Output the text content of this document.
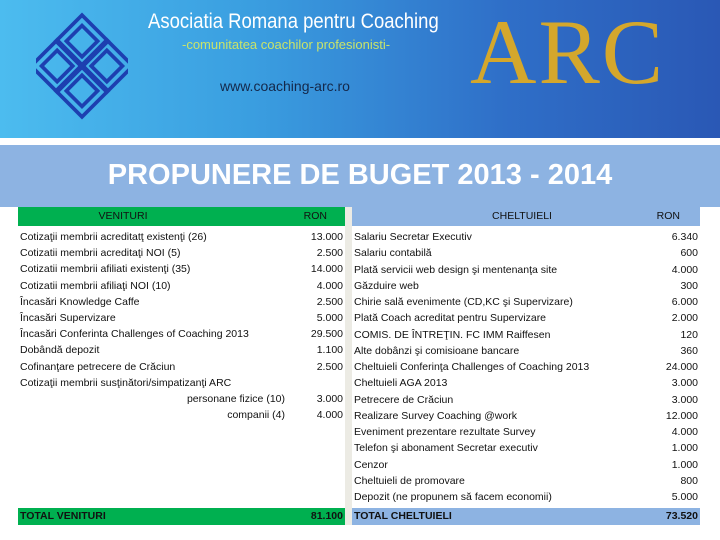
Asociatia Romana pentru Coaching
-comunitatea coachilor profesionisti-
www.coaching-arc.ro ARC
PROPUNERE DE BUGET 2013 - 2014
VENITURI	RON
Cotizaţii membrii acreditatţ existenţi (26)	13.000
Cotizatii membrii acreditaţi NOI (5)	2.500
Cotizatii membrii afiliati existenţi (35)	14.000
Cotizatii membrii afiliaţi NOI (10)	4.000
Încasări Knowledge Caffe	2.500
Încasări Supervizare	5.000
Încasări Conferinta Challenges of Coaching 2013	29.500
Dobândă depozit	1.100
Cofinanţare petrecere de Crăciun	2.500
Cotizaţii membrii susţinători/simpatizanţi ARC
personane fizice (10)	3.000
companii (4)	4.000
TOTAL VENITURI	81.100
CHELTUIELI	RON
Salariu Secretar Executiv	6.340
Salariu contabilă	600
Plată servicii web design şi mentenanţa site	4.000
Găzduire web	300
Chirie sală evenimente (CD,KC şi Supervizare)	6.000
Plată Coach acreditat pentru Supervizare	2.000
COMIS. DE ÎNTREŢIN. FC IMM Raiffesen	120
Alte dobânzi şi comisioane bancare	360
Cheltuieli Conferinţa Challenges of Coaching 2013	24.000
Cheltuieli AGA 2013	3.000
Petrecere de Crăciun	3.000
Realizare Survey Coaching @work	12.000
Eveniment prezentare rezultate Survey	4.000
Telefon şi abonament Secretar executiv	1.000
Cenzor	1.000
Cheltuieli de promovare	800
Depozit (ne propunem să facem economii)	5.000
TOTAL CHELTUIELI	73.520
